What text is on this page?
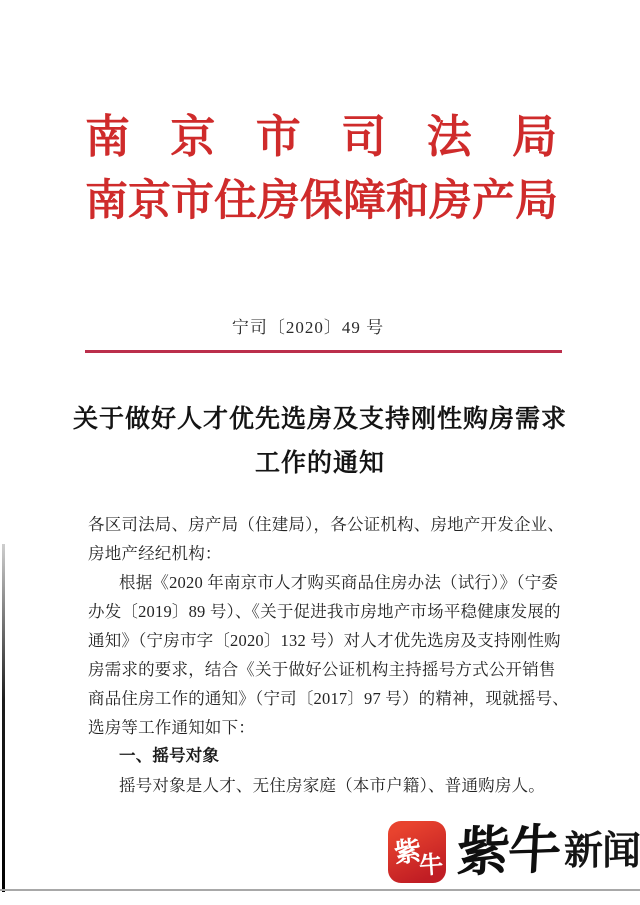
南 京 市 司 法 局
南 京 市 住 房 保 障 和 房 产 局
宁司〔2020〕49 号
关于做好人才优先选房及支持刚性购房需求
工作的通知
各区司法局、房产局（住建局），各公证机构、房地产开发企业、
房地产经纪机构：
根据《2020 年南京市人才购买商品住房办法（试行）》（宁委
办发〔2019〕89 号）、《关于促进我市房地产市场平稳健康发展的
通知》（宁房市字〔2020〕132 号）对人才优先选房及支持刚性购
房需求的要求，结合《关于做好公证机构主持摇号方式公开销售
商品住房工作的通知》（宁司〔2017〕97 号）的精神，现就摇号、
选房等工作通知如下：
一、摇号对象
摇号对象是人才、无住房家庭（本市户籍）、普通购房人。
紫
牛 紫牛 新闻
